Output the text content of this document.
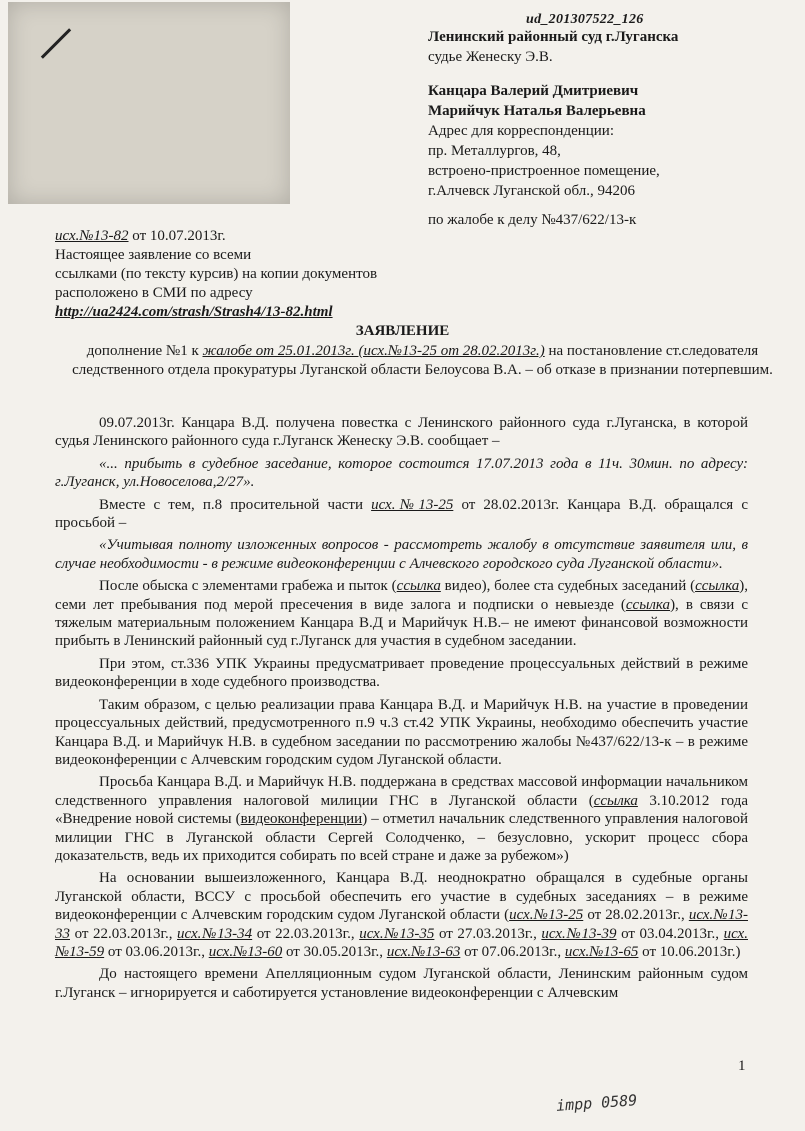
ud_201307522_126
Ленинский районный суд г.Луганска
судье Женеску Э.В.
Канцара Валерий Дмитриевич
Марийчук Наталья Валерьевна
Адрес для корреспонденции:
пр. Металлургов, 48,
встроено-пристроенное помещение,
г.Алчевск Луганской обл., 94206
по жалобе к делу №437/622/13-к
исх.№13-82 от 10.07.2013г.
Настоящее заявление со всеми
ссылками (по тексту курсив) на копии документов
расположено в СМИ по адресу
http://ua2424.com/strash/Strash4/13-82.html
ЗАЯВЛЕНИЕ
дополнение №1 к жалобе от 25.01.2013г. (исх.№13-25 от 28.02.2013г.) на постановление ст.следователя следственного отдела прокуратуры Луганской области Белоусова В.А. – об отказе в признании потерпевшим.

09.07.2013г. Канцара В.Д. получена повестка с Ленинского районного суда г.Луганска, в которой судья Ленинского районного суда г.Луганск Женеску Э.В. сообщает –

«... прибыть в судебное заседание, которое состоится 17.07.2013 года в 11ч. 30мин. по адресу: г.Луганск, ул.Новоселова,2/27».

Вместе с тем, п.8 просительной части исх.№13-25 от 28.02.2013г. Канцара В.Д. обращался с просьбой –

«Учитывая полноту изложенных вопросов - рассмотреть жалобу в отсутствие заявителя или, в случае необходимости - в режиме видеоконференции с Алчевского городского суда Луганской области».

После обыска с элементами грабежа и пыток (ссылка видео), более ста судебных заседаний (ссылка), семи лет пребывания под мерой пресечения в виде залога и подписки о невыезде (ссылка), в связи с тяжелым материальным положением Канцара В.Д и Марийчук Н.В.– не имеют финансовой возможности прибыть в Ленинский районный суд г.Луганск для участия в судебном заседании.

При этом, ст.336 УПК Украины предусматривает проведение процессуальных действий в режиме видеоконференции в ходе судебного производства.

Таким образом, с целью реализации права Канцара В.Д. и Марийчук Н.В. на участие в проведении процессуальных действий, предусмотренного п.9 ч.3 ст.42 УПК Украины, необходимо обеспечить участие Канцара В.Д. и Марийчук Н.В. в судебном заседании по рассмотрению жалобы №437/622/13-к – в режиме видеоконференции с Алчевским городским судом Луганской области.

Просьба Канцара В.Д. и Марийчук Н.В. поддержана в средствах массовой информации начальником следственного управления налоговой милиции ГНС в Луганской области (ссылка 3.10.2012 года «Внедрение новой системы (видеоконференции) – отметил начальник следственного управления налоговой милиции ГНС в Луганской области Сергей Солодченко, – безусловно, ускорит процесс сбора доказательств, ведь их приходится собирать по всей стране и даже за рубежом»)

На основании вышеизложенного, Канцара В.Д. неоднократно обращался в судебные органы Луганской области, ВССУ с просьбой обеспечить его участие в судебных заседаниях – в режиме видеоконференции с Алчевским городским судом Луганской области (исх.№13-25 от 28.02.2013г., исх.№13-33 от 22.03.2013г., исх.№13-34 от 22.03.2013г., исх.№13-35 от 27.03.2013г., исх.№13-39 от 03.04.2013г., исх.№13-59 от 03.06.2013г., исх.№13-60 от 30.05.2013г., исх.№13-63 от 07.06.2013г., исх.№13-65 от 10.06.2013г.)

До настоящего времени Апелляционным судом Луганской области, Ленинским районным судом г.Луганск – игнорируется и саботируется установление видеоконференции с Алчевским

1
impp 0589
